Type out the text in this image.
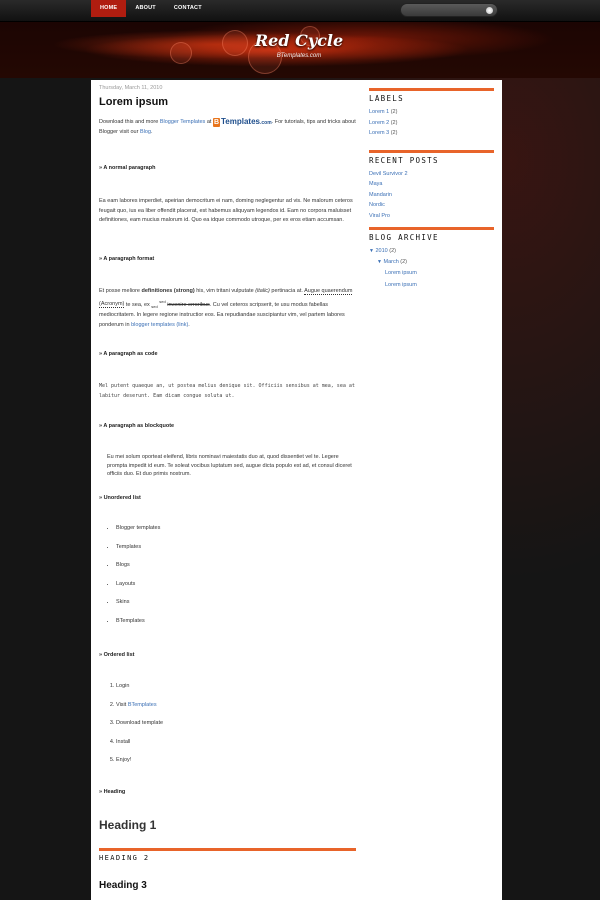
HOME	ABOUT	CONTACT
Red Cycle
BTemplates.com
Thursday, March 11, 2010
Lorem ipsum
Download this and more Blogger Templates at B Templates.com. For tutorials, tips and tricks about Blogger visit our Blog.
» A normal paragraph
Ea eam labores imperdiet, apeirian democritum ei nam, doming neglegentur ad vis. Ne malorum ceteros feugait quo, ius ea liber offendit placerat, est habemus aliquyam legendos id. Eam no corpora maluisset definitiones, eam mucius malorum id. Quo ea idque commodo utroque, per ex eros etiam accumsan.
» A paragraph format
Et posse meliore definitiones (strong) his, vim tritani vulputate (italic) pertinacia at. Augue quaerendum (Acronym) te sea, ex $_{sed}$ $^{sed}$ invenire erroribus. Cu vel ceteros scripserit, te usu modus fabellas mediocritatem. In legere regione instructior eos. Ea repudiandae suscipiantur vim, vel partem labores ponderum in blogger templates (link).
» A paragraph as code
Mel putent quaeque an, ut postea melius denique sit. Officiis sensibus at mea, sea at labitur deserunt. Eam dicam congue soluta ut.
» A paragraph as blockquote
Eu mei solum oporteat eleifend, libris nominavi maiestatis duo at, quod dissentiet vel te. Legere prompta impedit id eum. Te soleat vocibus luptatum sed, augue dicta populo est ad, et consul diceret officiis duo. Et duo primis nostrum.
» Unordered list
• Blogger templates
• Templates
• Blogs
• Layouts
• Skins
• BTemplates
» Ordered list
1. Login
2. Visit BTemplates
3. Download template
4. Install
5. Enjoy!
» Heading
Heading 1
HEADING 2
Heading 3
LABELS
Lorem 1 (2)
Lorem 2 (2)
Lorem 3 (2)
RECENT POSTS
Devil Survivor 2
Maya
Mandarin
Nordic
Viral Pro
BLOG ARCHIVE
▼ 2010 (2)
▼ March (2)
Lorem ipsum
Lorem ipsum
